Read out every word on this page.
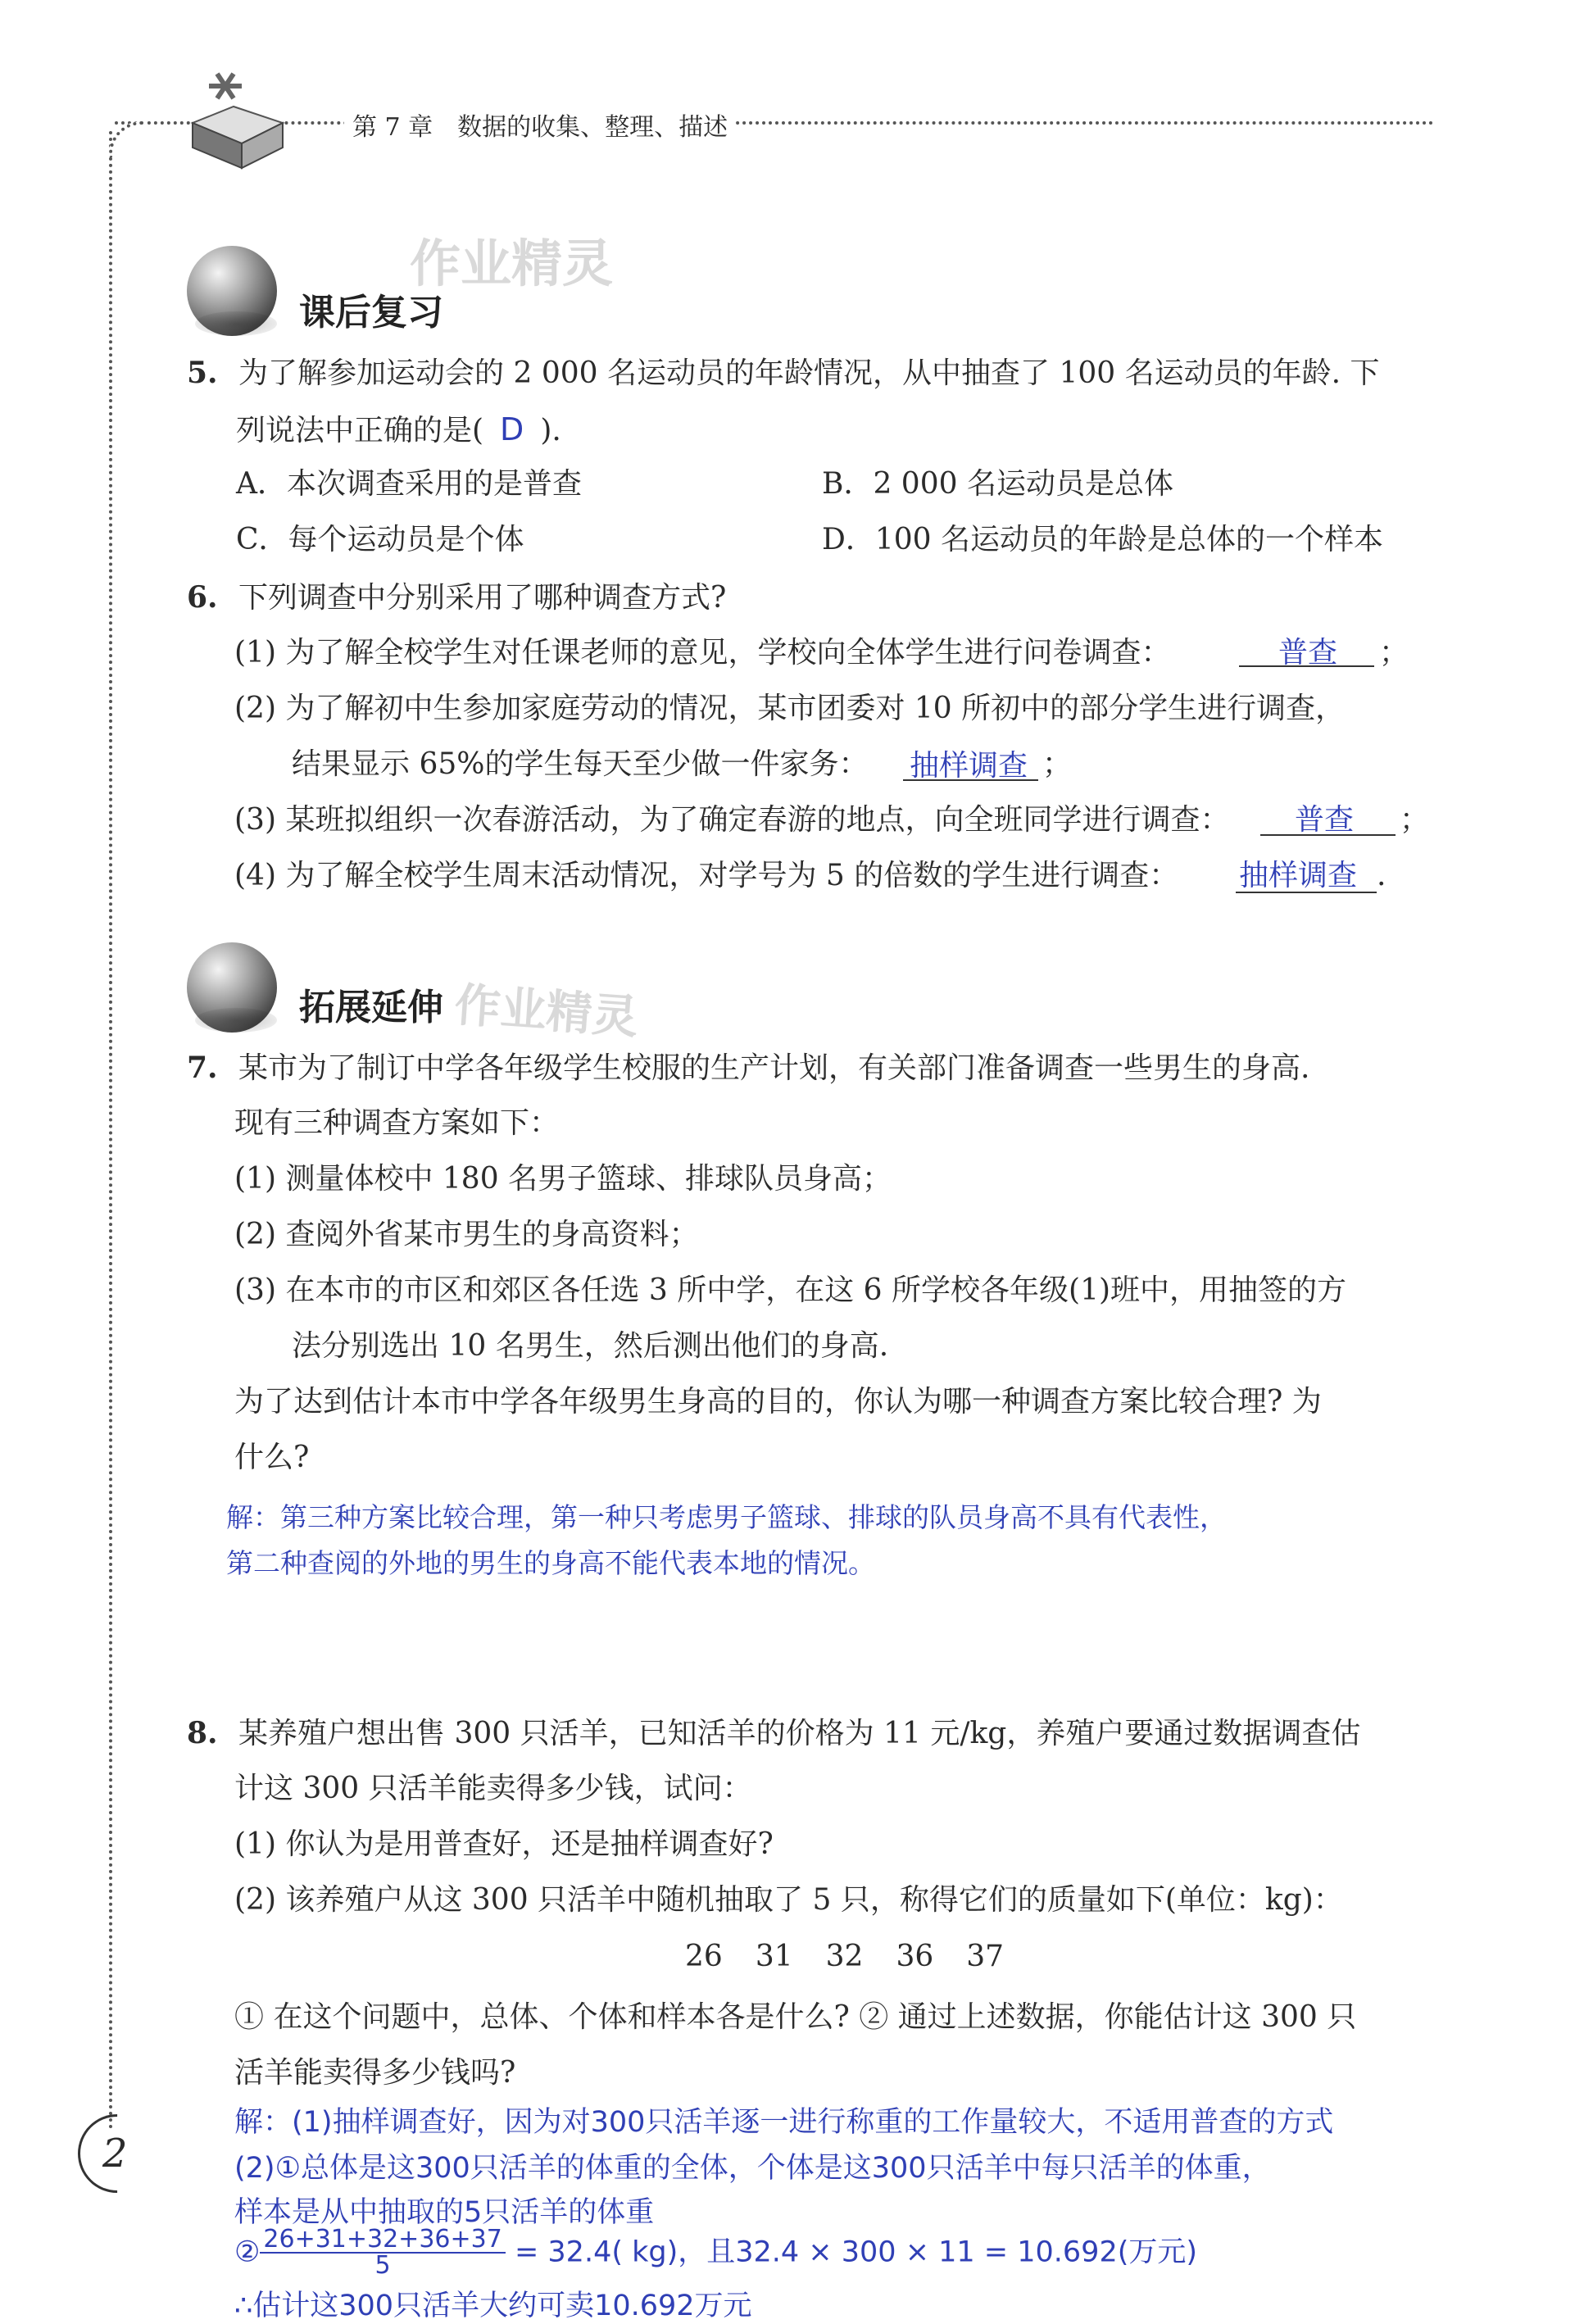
第 7 章　数据的收集、整理、描述
课后复习
作业精灵
5. 为了解参加运动会的 2 000 名运动员的年龄情况，从中抽查了 100 名运动员的年龄. 下
列说法中正确的是( D ).
A．本次调查采用的是普查	B．2 000 名运动员是总体
C．每个运动员是个体	D．100 名运动员的年龄是总体的一个样本
6. 下列调查中分别采用了哪种调查方式?
(1) 为了解全校学生对任课老师的意见，学校向全体学生进行问卷调查：	普查 ；
(2) 为了解初中生参加家庭劳动的情况，某市团委对 10 所初中的部分学生进行调查，
结果显示 65%的学生每天至少做一件家务： 抽样调查 ；
(3) 某班拟组织一次春游活动，为了确定春游的地点，向全班同学进行调查： 普查 ；
(4) 为了解全校学生周末活动情况，对学号为 5 的倍数的学生进行调查： 抽样调查 .
拓展延伸 作业精灵
7. 某市为了制订中学各年级学生校服的生产计划，有关部门准备调查一些男生的身高.
现有三种调查方案如下：
(1) 测量体校中 180 名男子篮球、排球队员身高；
(2) 查阅外省某市男生的身高资料；
(3) 在本市的市区和郊区各任选 3 所中学，在这 6 所学校各年级(1)班中，用抽签的方
法分别选出 10 名男生，然后测出他们的身高.
为了达到估计本市中学各年级男生身高的目的，你认为哪一种调查方案比较合理? 为
什么?
解：第三种方案比较合理，第一种只考虑男子篮球、排球的队员身高不具有代表性，
第二种查阅的外地的男生的身高不能代表本地的情况。
8. 某养殖户想出售 300 只活羊，已知活羊的价格为 11 元/kg，养殖户要通过数据调查估
计这 300 只活羊能卖得多少钱，试问：
(1) 你认为是用普查好，还是抽样调查好?
(2) 该养殖户从这 300 只活羊中随机抽取了 5 只，称得它们的质量如下(单位：kg)：
26 31 32 36 37
① 在这个问题中，总体、个体和样本各是什么? ② 通过上述数据，你能估计这 300 只
活羊能卖得多少钱吗?
解：(1)抽样调查好，因为对300只活羊逐一进行称重的工作量较大，不适用普查的方式
(2)①总体是这300只活羊的体重的全体，个体是这300只活羊中每只活羊的体重，
样本是从中抽取的5只活羊的体重
② $\frac{26+31+32+36+37}{5} = 32.4$( kg)，且32.4 × 300 × 11 = 10.692(万元)
∴估计这300只活羊大约可卖10.692万元
2
